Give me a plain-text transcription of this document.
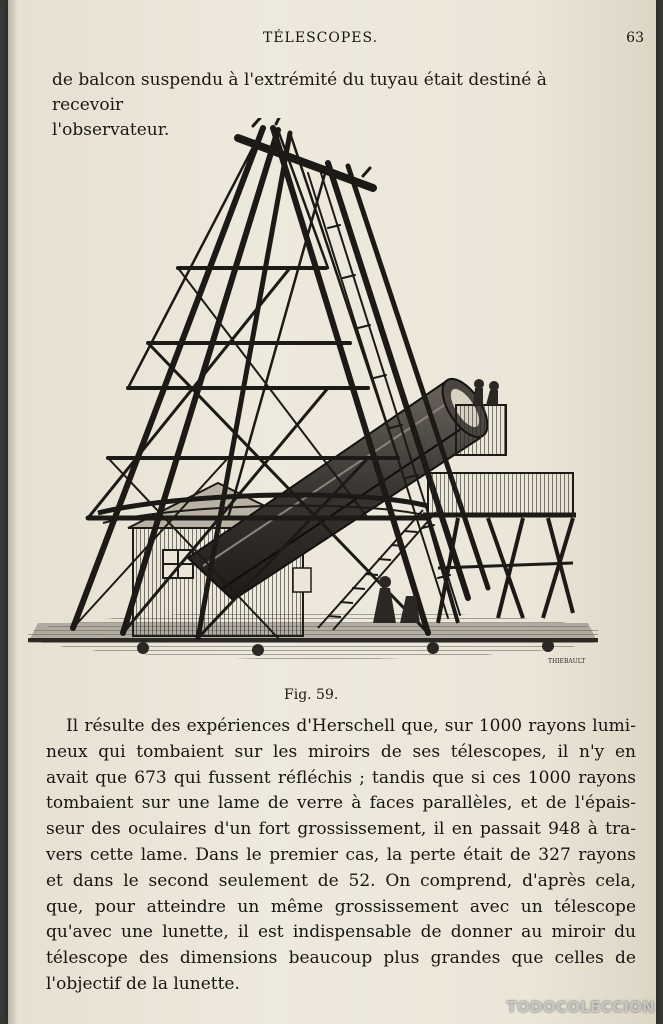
TÉLESCOPES.	63
de balcon suspendu à l'extrémité du tuyau était destiné à recevoir
l'observateur.
THIEBAULT
Fig. 59.
Il résulte des expériences d'Herschell que, sur 1000 rayons lumi-
neux qui tombaient sur les miroirs de ses télescopes, il n'y en
avait que 673 qui fussent réfléchis ; tandis que si ces 1000 rayons
tombaient sur une lame de verre à faces parallèles, et de l'épais-
seur des oculaires d'un fort grossissement, il en passait 948 à tra-
vers cette lame. Dans le premier cas, la perte était de 327 rayons
et dans le second seulement de 52. On comprend, d'après cela,
que, pour atteindre un même grossissement avec un télescope
qu'avec une lunette, il est indispensable de donner au miroir du
télescope des dimensions beaucoup plus grandes que celles de
l'objectif de la lunette.
TODOCOLECCION
